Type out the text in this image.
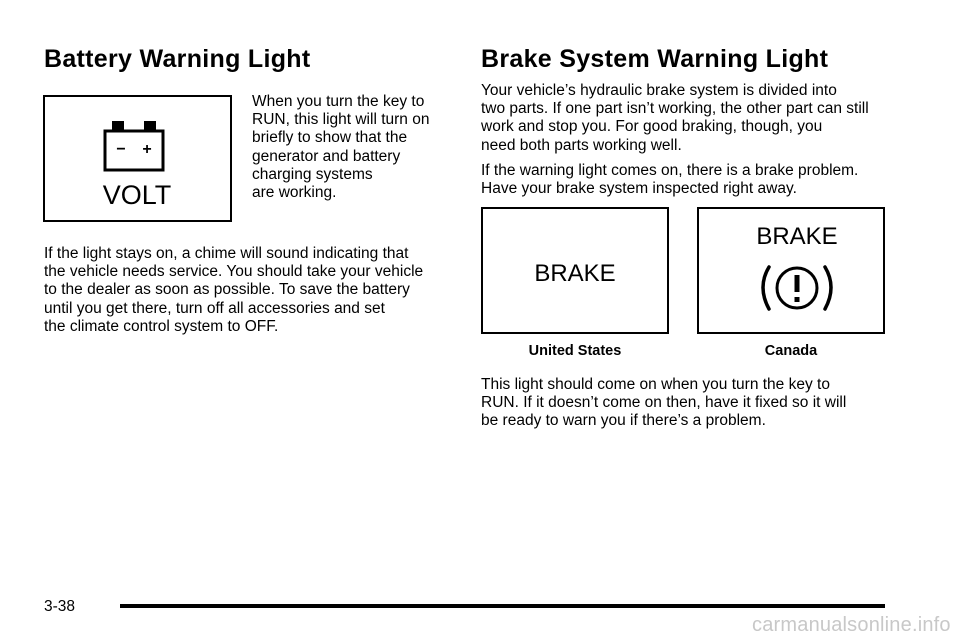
Battery Warning Light
− +
VOLT

When you turn the key to
RUN, this light will turn on
briefly to show that the
generator and battery
charging systems
are working.

If the light stays on, a chime will sound indicating that
the vehicle needs service. You should take your vehicle
to the dealer as soon as possible. To save the battery
until you get there, turn off all accessories and set
the climate control system to OFF.

Brake System Warning Light

Your vehicle’s hydraulic brake system is divided into
two parts. If one part isn’t working, the other part can still
work and stop you. For good braking, though, you
need both parts working well.

If the warning light comes on, there is a brake problem.
Have your brake system inspected right away.

BRAKE
United States
BRAKE
Canada

This light should come on when you turn the key to
RUN. If it doesn’t come on then, have it fixed so it will
be ready to warn you if there’s a problem.

3-38
carmanualsonline.info
